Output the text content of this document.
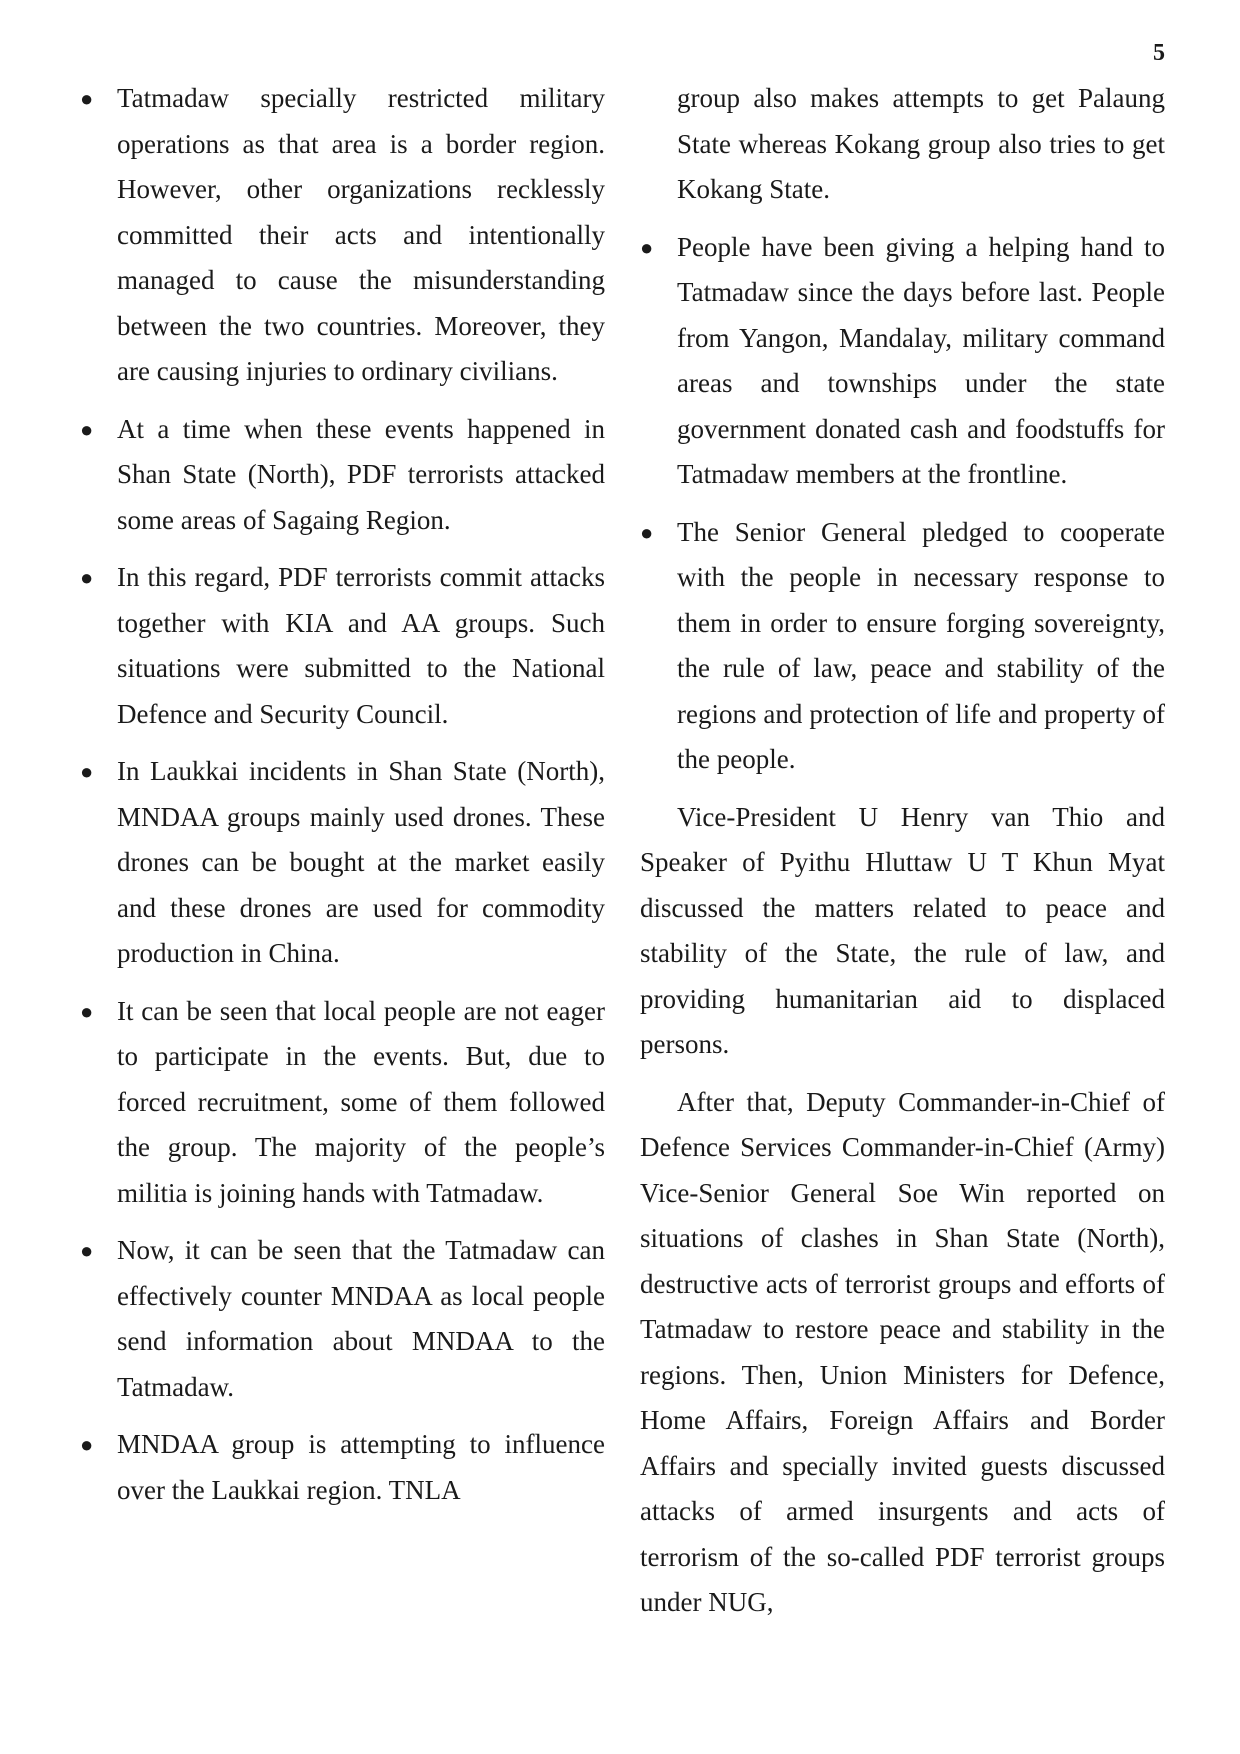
5
● Tatmadaw specially restricted military operations as that area is a border region. However, other organizations recklessly committed their acts and intentionally managed to cause the misunderstanding between the two countries. Moreover, they are causing injuries to ordinary civilians.
● At a time when these events happened in Shan State (North), PDF terrorists attacked some areas of Sagaing Region.
● In this regard, PDF terrorists commit attacks together with KIA and AA groups. Such situations were submitted to the National Defence and Security Council.
● In Laukkai incidents in Shan State (North), MNDAA groups mainly used drones. These drones can be bought at the market easily and these drones are used for commodity production in China.
● It can be seen that local people are not eager to participate in the events. But, due to forced recruitment, some of them followed the group. The majority of the people’s militia is joining hands with Tatmadaw.
● Now, it can be seen that the Tatmadaw can effectively counter MNDAA as local people send information about MNDAA to the Tatmadaw.
● MNDAA group is attempting to influence over the Laukkai region. TNLA
group also makes attempts to get Palaung State whereas Kokang group also tries to get Kokang State.
● People have been giving a helping hand to Tatmadaw since the days before last. People from Yangon, Mandalay, military command areas and townships under the state government donated cash and foodstuffs for Tatmadaw members at the frontline.
● The Senior General pledged to cooperate with the people in necessary response to them in order to ensure forging sovereignty, the rule of law, peace and stability of the regions and protection of life and property of the people.

Vice-President U Henry van Thio and Speaker of Pyithu Hluttaw U T Khun Myat discussed the matters related to peace and stability of the State, the rule of law, and providing humanitarian aid to displaced persons.

After that, Deputy Commander-in-Chief of Defence Services Commander-in-Chief (Army) Vice-Senior General Soe Win reported on situations of clashes in Shan State (North), destructive acts of terrorist groups and efforts of Tatmadaw to restore peace and stability in the regions. Then, Union Ministers for Defence, Home Affairs, Foreign Affairs and Border Affairs and specially invited guests discussed attacks of armed insurgents and acts of terrorism of the so-called PDF terrorist groups under NUG,
